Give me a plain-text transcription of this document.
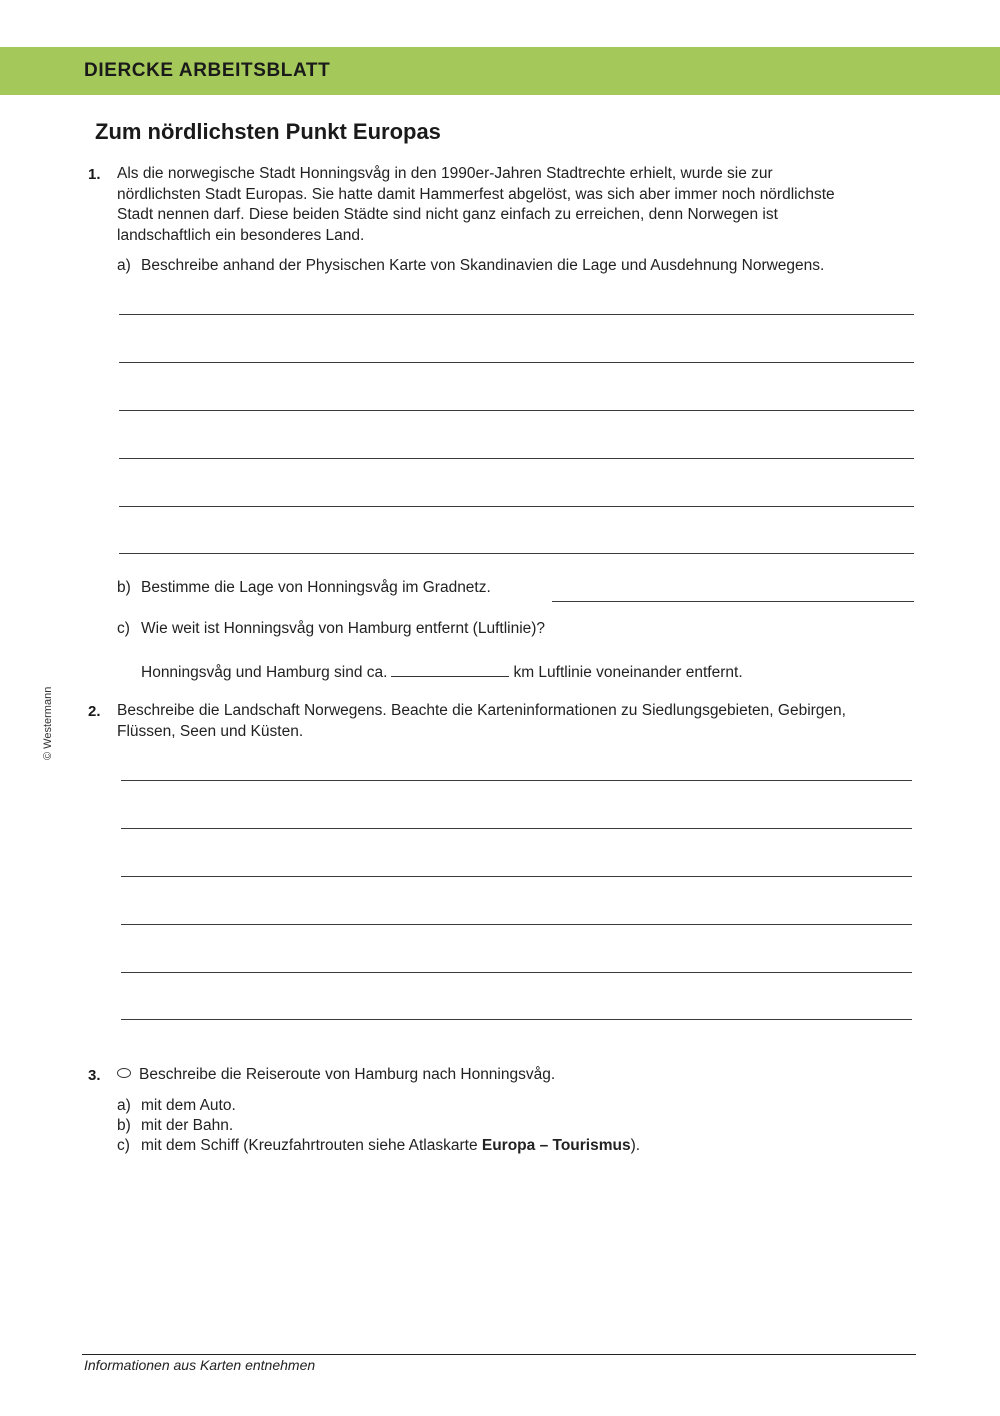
DIERCKE ARBEITSBLATT
Zum nördlichsten Punkt Europas
© Westermann
1. Als die norwegische Stadt Honningsvåg in den 1990er-Jahren Stadtrechte erhielt, wurde sie zur
nördlichsten Stadt Europas. Sie hatte damit Hammerfest abgelöst, was sich aber immer noch nördlichste
Stadt nennen darf. Diese beiden Städte sind nicht ganz einfach zu erreichen, denn Norwegen ist
landschaftlich ein besonderes Land.
a) Beschreibe anhand der Physischen Karte von Skandinavien die Lage und Ausdehnung Norwegens.
b) Bestimme die Lage von Honningsvåg im Gradnetz.
c) Wie weit ist Honningsvåg von Hamburg entfernt (Luftlinie)?
Honningsvåg und Hamburg sind ca.	km Luftlinie voneinander entfernt.
2. Beschreibe die Landschaft Norwegens. Beachte die Karteninformationen zu Siedlungsgebieten, Gebirgen,
Flüssen, Seen und Küsten.
3.	Beschreibe die Reiseroute von Hamburg nach Honningsvåg.
a) mit dem Auto.
b) mit der Bahn.
c) mit dem Schiff (Kreuzfahrtrouten siehe Atlaskarte Europa – Tourismus).
Informationen aus Karten entnehmen
